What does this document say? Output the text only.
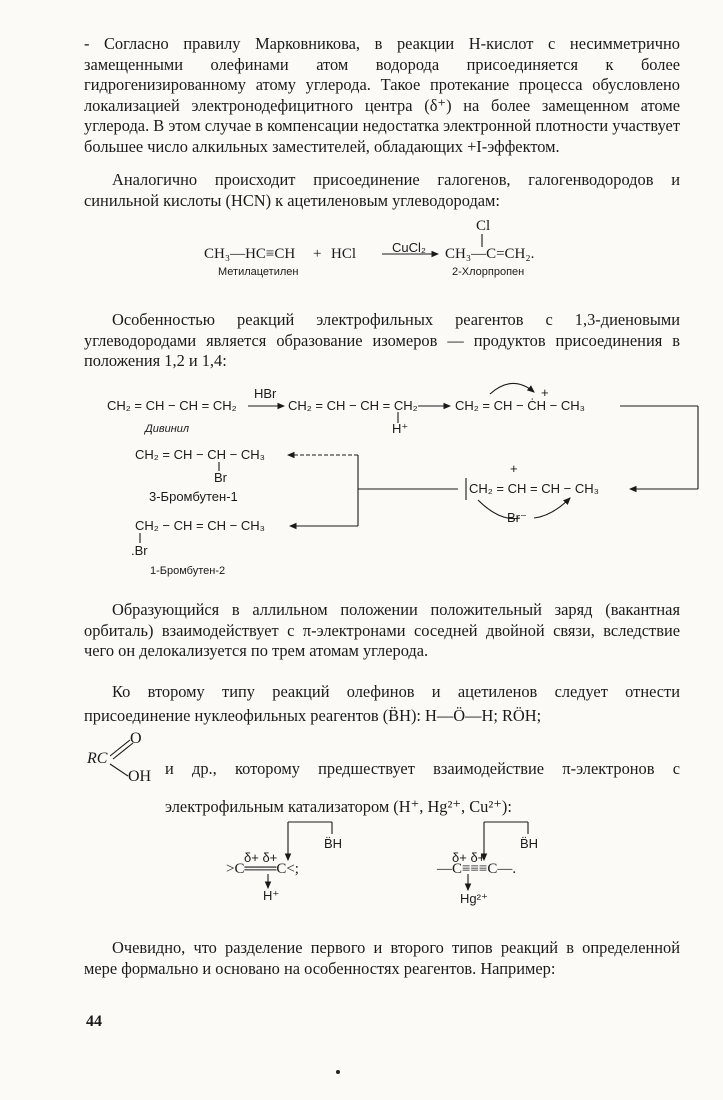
- Согласно правилу Марковникова, в реакции Н-кислот с несимметрично замещенными олефинами атом водорода присоединяется к более гидрогенизированному атому углерода. Такое протекание процесса обусловлено локализацией электронодефицитного центра (δ⁺) на более замещенном атоме углерода. В этом случае в компенсации недостатка электронной плотности участвует большее число алкильных заместителей, обладающих +I-эффектом.

Аналогично происходит присоединение галогенов, галогенводородов и синильной кислоты (HCN) к ацетиленовым углеводородам:

Cl
CH₃—HC≡CH + HCl	CuCl₂ CH₃—C=CH₂.
Метилацетилен	2-Хлорпропен

Особенностью реакций электрофильных реагентов с 1,3-диеновыми углеводородами является образование изомеров — продуктов присоединения в положения 1,2 и 1,4:

CH₂ = CH − CH = CH₂
HBr
CH₂ = CH − CH = CH₂
H⁺
CH₂ = CH − ĊH − CH₃
+
Дивинил
CH₂ = CH − CH − CH₃
Br
3-Бромбутен-1
CH₂ = CH = CH − CH₃
+
Br⁻
CH₂ − CH = CH − CH₃
.Br
1-Бромбутен-2

Образующийся в аллильном положении положительный заряд (вакантная орбиталь) взаимодействует с π-электронами соседней двойной связи, вследствие чего он делокализуется по трем атомам углерода.

Ко второму типу реакций олефинов и ацетиленов следует отнести присоединение нуклеофильных реагентов (B̈H): H—Ö—H; RÖH;

RC
O
OH и др., которому предшествует взаимодействие π-электронов с электрофильным катализатором (H⁺, Hg²⁺, Cu²⁺):

δ+ δ+
>C═══C<;
B̈H
H⁺
δ+ δ+
—C≡≡≡C—.
B̈H
Hg²⁺

Очевидно, что разделение первого и второго типов реакций в определенной мере формально и основано на особенностях реагентов. Например:

44
